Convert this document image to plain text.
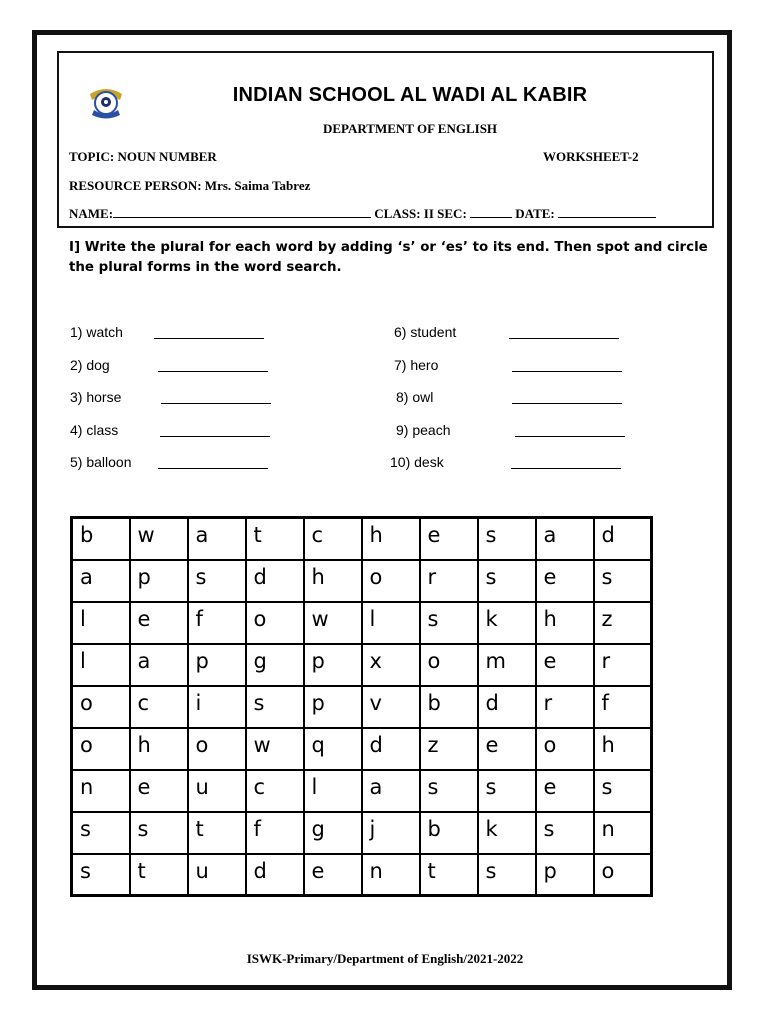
INDIAN SCHOOL AL WADI AL KABIR
DEPARTMENT OF ENGLISH
TOPIC: NOUN NUMBER	WORKSHEET-2
RESOURCE PERSON: Mrs. Saima Tabrez
NAME:	CLASS: II SEC:	DATE:
I] Write the plural for each word by adding ‘s’ or ‘es’ to its end. Then spot and circle the plural forms in the word search.
1) watch
2) dog
3) horse
4) class
5) balloon
6) student
7) hero
8) owl
9) peach
10) desk
b	w	a	t	c	h	e	s	a	d
a	p	s	d	h	o	r	s	e	s
l	e	f	o	w	l	s	k	h	z
l	a	p	g	p	x	o	m	e	r
o	c	i	s	p	v	b	d	r	f
o	h	o	w	q	d	z	e	o	h
n	e	u	c	l	a	s	s	e	s
s	s	t	f	g	j	b	k	s	n
s	t	u	d	e	n	t	s	p	o
ISWK-Primary/Department of English/2021-2022
